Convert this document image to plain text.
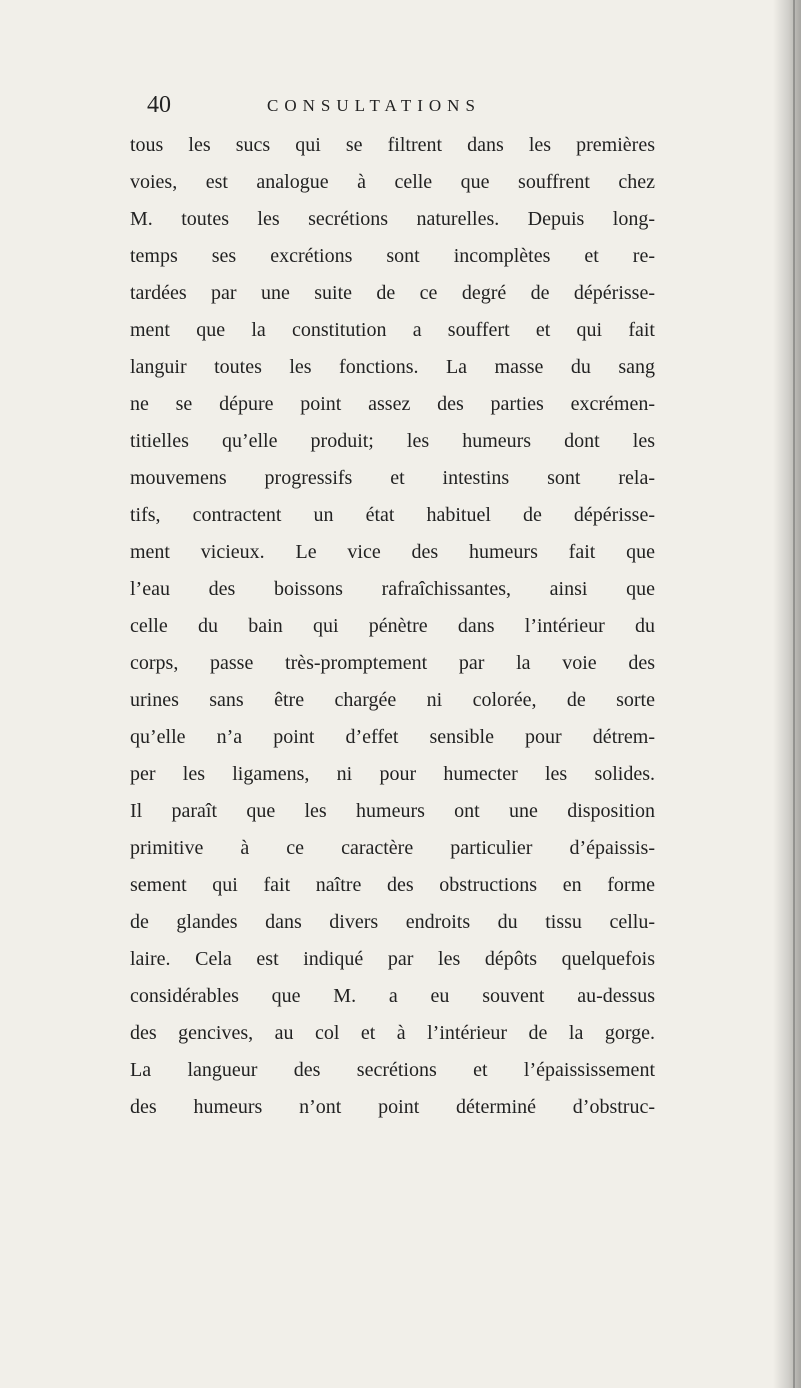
40	CONSULTATIONS
tous les sucs qui se filtrent dans les premières
voies, est analogue à celle que souffrent chez
M. toutes les secrétions naturelles. Depuis long-
temps ses excrétions sont incomplètes et re-
tardées par une suite de ce degré de dépérisse-
ment que la constitution a souffert et qui fait
languir toutes les fonctions. La masse du sang
ne se dépure point assez des parties excrémen-
titielles qu’elle produit; les humeurs dont les
mouvemens progressifs et intestins sont rela-
tifs, contractent un état habituel de dépérisse-
ment vicieux. Le vice des humeurs fait que
l’eau des boissons rafraîchissantes, ainsi que
celle du bain qui pénètre dans l’intérieur du
corps, passe très-promptement par la voie des
urines sans être chargée ni colorée, de sorte
qu’elle n’a point d’effet sensible pour détrem-
per les ligamens, ni pour humecter les solides.
Il paraît que les humeurs ont une disposition
primitive à ce caractère particulier d’épaissis-
sement qui fait naître des obstructions en forme
de glandes dans divers endroits du tissu cellu-
laire. Cela est indiqué par les dépôts quelquefois
considérables que M. a eu souvent au-dessus
des gencives, au col et à l’intérieur de la gorge.
La langueur des secrétions et l’épaississement
des humeurs n’ont point déterminé d’obstruc-
